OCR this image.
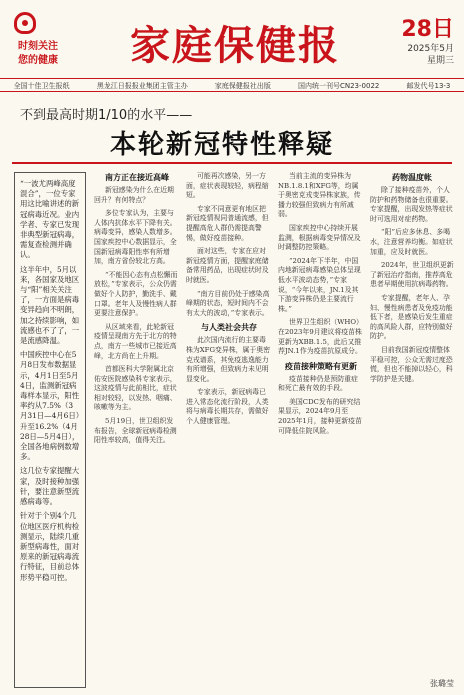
时刻关注
您的健康	家庭保健报	28日
2025年5月
星期三
全国十佳卫生报纸	黑龙江日报报业集团主管主办	家庭保健报社出版	国内统一刊号CN23-0022	邮发代号13-3
不到最高时期1/10的水平——
本轮新冠特性释疑

“一波尤两峰高度混合”，一位专家用这比喻讲述的新冠病毒近况。业内学者、专家已发现非典型新冠病毒，需复查检测并确认。

这半年中，5月以来，各国家及地区与“阳”相关关注了，一方面是病毒变异趋向不明朗，加之持续影响，如流感也不了了，一是流感降温。

中国疾控中心在5月8日发布数据显示，4月1日至5月4日，监测新冠病毒样本显示，阳性率约从7.5%（3月31日—4月6日）升至16.2%（4月28日—5月4日），全国各地病例数增多。

这几位专家提醒大家，及时接种加强针，要注意新型流感病毒等。

针对于个别4个几位地区医疗机构检测显示，陆续几重新型病毒性，面对原来的新冠病毒流行特征，目前总体形势平稳可控。

南方正在接近高峰

新冠感染为什么在近期回升？有何特点？

多位专家认为，主要与人体内抗体水平下降有关。病毒变异，感染人数增多。国家疾控中心数据显示，全国新冠病毒阳性率有所增加，南方省份较北方高。

“不能因心态有点松懈而放松，”专家表示，公众仍需做好个人防护，勤洗手、戴口罩。老年人及慢性病人群更要注意保护。

从区域来看，此轮新冠疫情呈现南方先于北方的特点，南方一些城市已接近高峰，北方尚在上升期。

首都医科大学附属北京佑安医院感染科专家表示，这波疫情与此前相比，症状相对较轻，以发热、咽痛、咳嗽等为主。

5月19日，世卫组织发布报告，全球新冠病毒检测阳性率较高，值得关注。

可能再次感染，另一方面，症状表现较轻，病程缩短。

专家不同意更有地区把新冠疫情视同普通流感，但提醒高危人群仍需提高警惕，做好疫苗接种。

面对这些，专家在应对新冠疫情方面，提醒家庭储备常用药品，出现症状时及时就医。

“南方目前仍处于感染高峰期的状态，短时间内不会有太大的波动，”专家表示。

与人类社会共存

此次国内流行的主要毒株为XFG变异株，属于奥密克戎谱系，其免疫逃逸能力有所增强，但致病力未见明显变化。

专家表示，新冠病毒已进入常态化流行阶段，人类将与病毒长期共存，需做好个人健康管理。

当前主流的变异株为NB.1.8.1和XFG等，均属于奥密克戎变异株家族，传播力较强但致病力有所减弱。

国家疾控中心持续开展监测，根据病毒变异情况及时调整防控策略。

“2024年下半年，中国内地新冠病毒感染总体呈现低水平波动态势，”专家说，“今年以来，JN.1及其下游变异株仍是主要流行株。”

世界卫生组织（WHO）在2023年9月建议将疫苗株更新为XBB.1.5，此后又推荐JN.1作为疫苗抗原成分。

疫苗接种策略有更新

疫苗接种仍是预防重症和死亡最有效的手段。

美国CDC发布的研究结果显示，2024年9月至2025年1月，接种更新疫苗可降低住院风险。

药物温度帐

除了接种疫苗外，个人防护和药物储备也很重要。专家提醒，出现发热等症状时可选用对症药物。

“阳”后应多休息、多喝水，注意营养均衡。如症状加重，应及时就医。

2024年，世卫组织更新了新冠治疗指南，推荐高危患者早期使用抗病毒药物。

专家提醒，老年人、孕妇、慢性病患者及免疫功能低下者，是感染后发生重症的高风险人群，应特别做好防护。

目前我国新冠疫情整体平稳可控，公众无需过度恐慌，但也不能掉以轻心，科学防护是关键。

张璐莹
